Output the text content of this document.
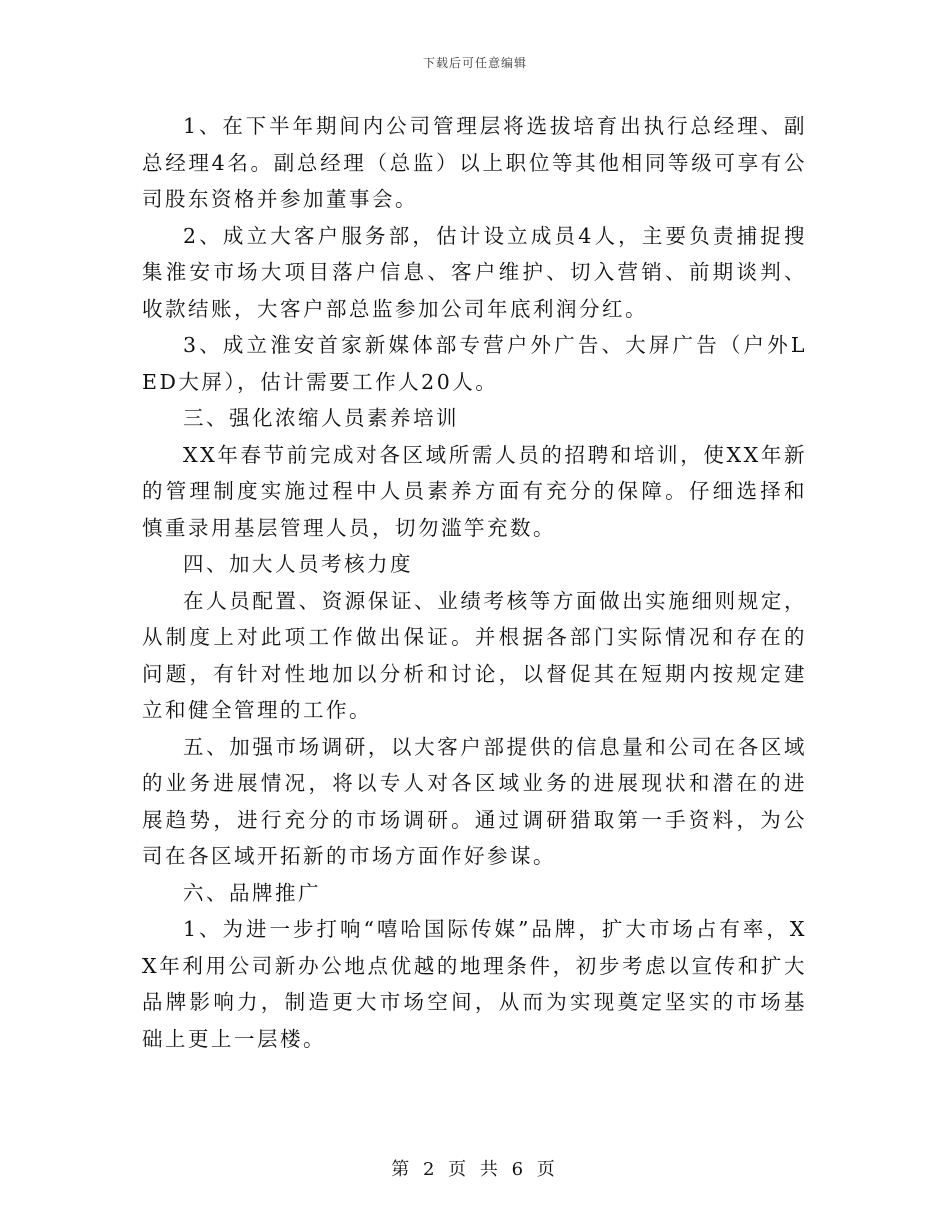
下载后可任意编辑

1、在下半年期间内公司管理层将选拔培育出执行总经理、副总经理4名。副总经理（总监）以上职位等其他相同等级可享有公司股东资格并参加董事会。

2、成立大客户服务部，估计设立成员4人，主要负责捕捉搜集淮安市场大项目落户信息、客户维护、切入营销、前期谈判、收款结账，大客户部总监参加公司年底利润分红。

3、成立淮安首家新媒体部专营户外广告、大屏广告（户外LED大屏），估计需要工作人20人。

三、强化浓缩人员素养培训

XX年春节前完成对各区域所需人员的招聘和培训，使XX年新的管理制度实施过程中人员素养方面有充分的保障。仔细选择和慎重录用基层管理人员，切勿滥竽充数。

四、加大人员考核力度

在人员配置、资源保证、业绩考核等方面做出实施细则规定，从制度上对此项工作做出保证。并根据各部门实际情况和存在的问题，有针对性地加以分析和讨论，以督促其在短期内按规定建立和健全管理的工作。

五、加强市场调研，以大客户部提供的信息量和公司在各区域的业务进展情况，将以专人对各区域业务的进展现状和潜在的进展趋势，进行充分的市场调研。通过调研猎取第一手资料，为公司在各区域开拓新的市场方面作好参谋。

六、品牌推广

1、为进一步打响“嘻哈国际传媒”品牌，扩大市场占有率，XX年利用公司新办公地点优越的地理条件，初步考虑以宣传和扩大品牌影响力，制造更大市场空间，从而为实现奠定坚实的市场基础上更上一层楼。

第 2 页 共 6 页
